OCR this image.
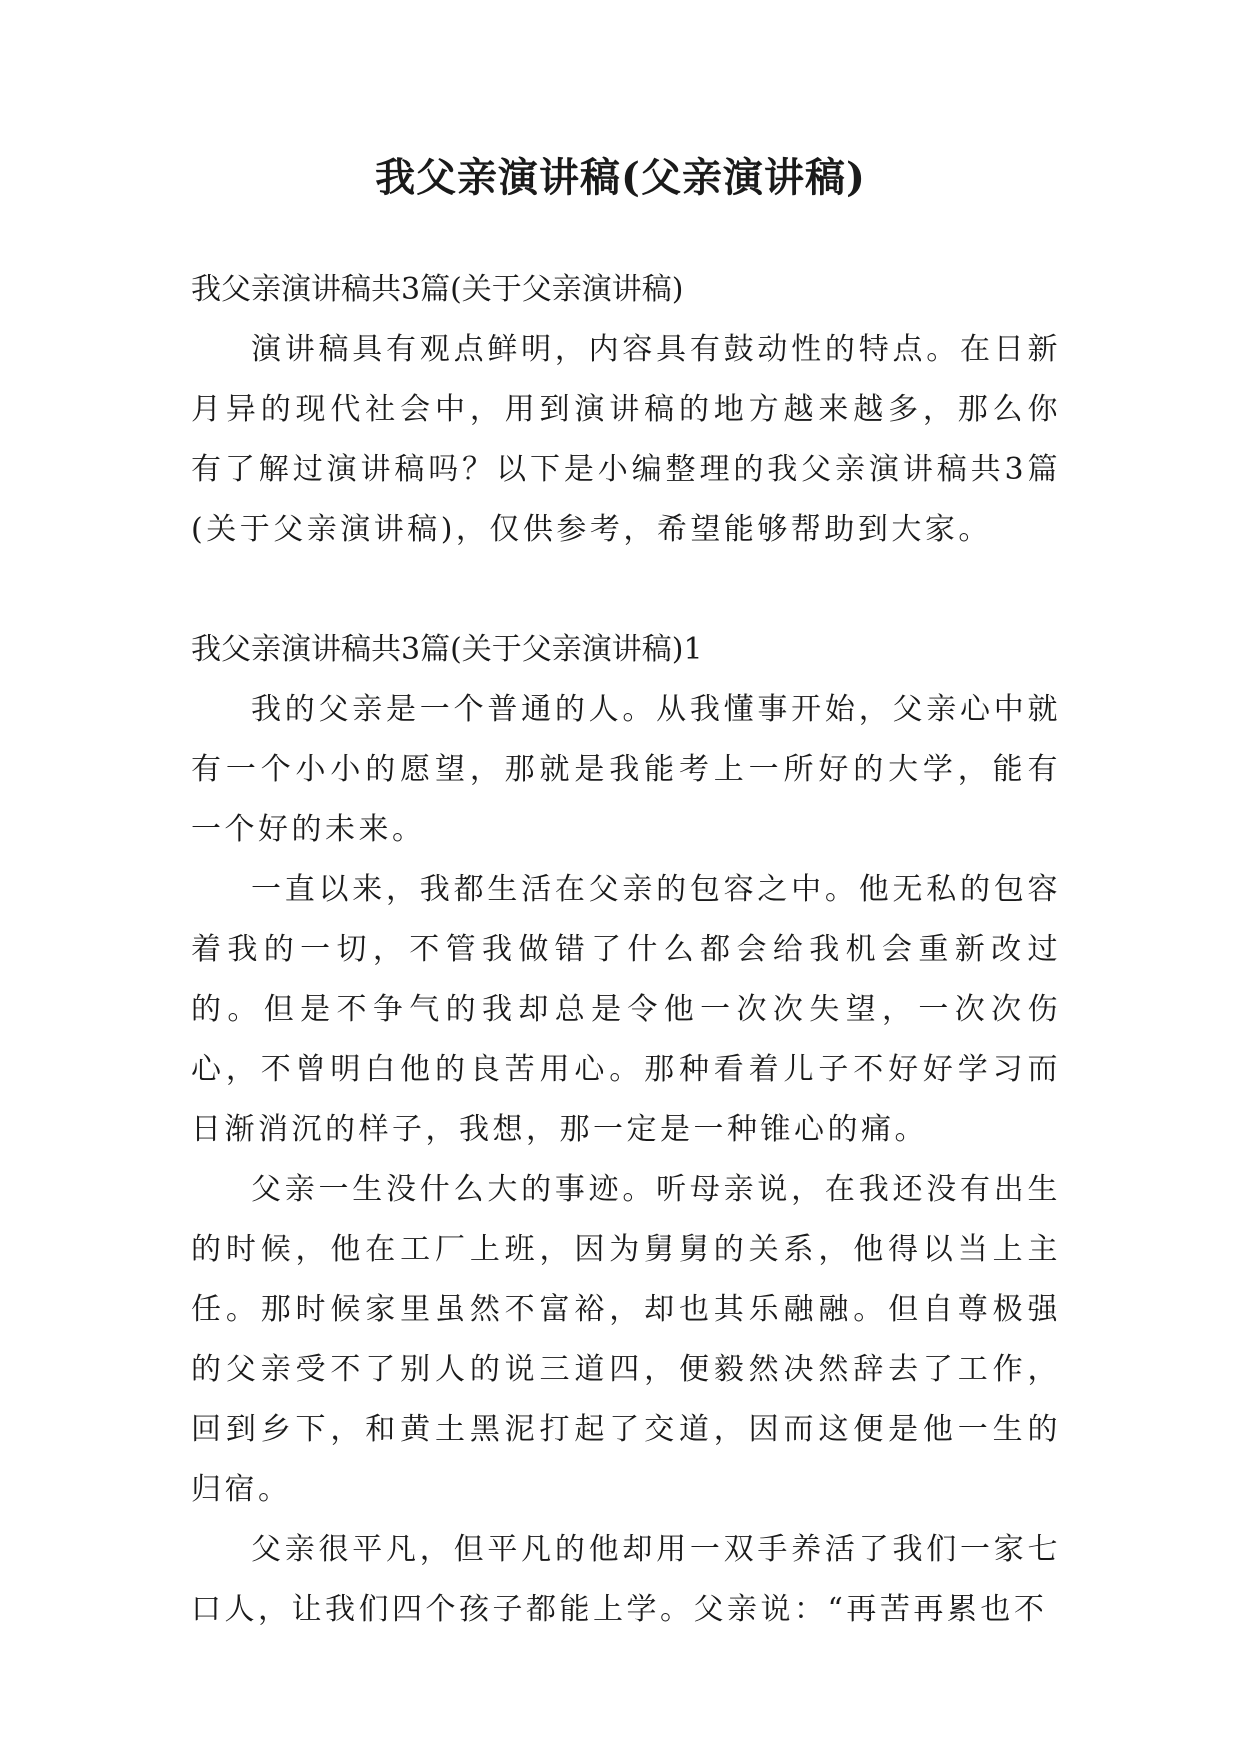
我父亲演讲稿(父亲演讲稿)

我父亲演讲稿共3篇(关于父亲演讲稿)

演讲稿具有观点鲜明，内容具有鼓动性的特点。在日新月异的现代社会中，用到演讲稿的地方越来越多，那么你有了解过演讲稿吗？以下是小编整理的我父亲演讲稿共3篇(关于父亲演讲稿)，仅供参考，希望能够帮助到大家。

我父亲演讲稿共3篇(关于父亲演讲稿)1

我的父亲是一个普通的人。从我懂事开始，父亲心中就有一个小小的愿望，那就是我能考上一所好的大学，能有一个好的未来。

一直以来，我都生活在父亲的包容之中。他无私的包容着我的一切，不管我做错了什么都会给我机会重新改过的。但是不争气的我却总是令他一次次失望，一次次伤心，不曾明白他的良苦用心。那种看着儿子不好好学习而日渐消沉的样子，我想，那一定是一种锥心的痛。

父亲一生没什么大的事迹。听母亲说，在我还没有出生的时候，他在工厂上班，因为舅舅的关系，他得以当上主任。那时候家里虽然不富裕，却也其乐融融。但自尊极强的父亲受不了别人的说三道四，便毅然决然辞去了工作，回到乡下，和黄土黑泥打起了交道，因而这便是他一生的归宿。

父亲很平凡，但平凡的他却用一双手养活了我们一家七口人，让我们四个孩子都能上学。父亲说：“再苦再累也不
